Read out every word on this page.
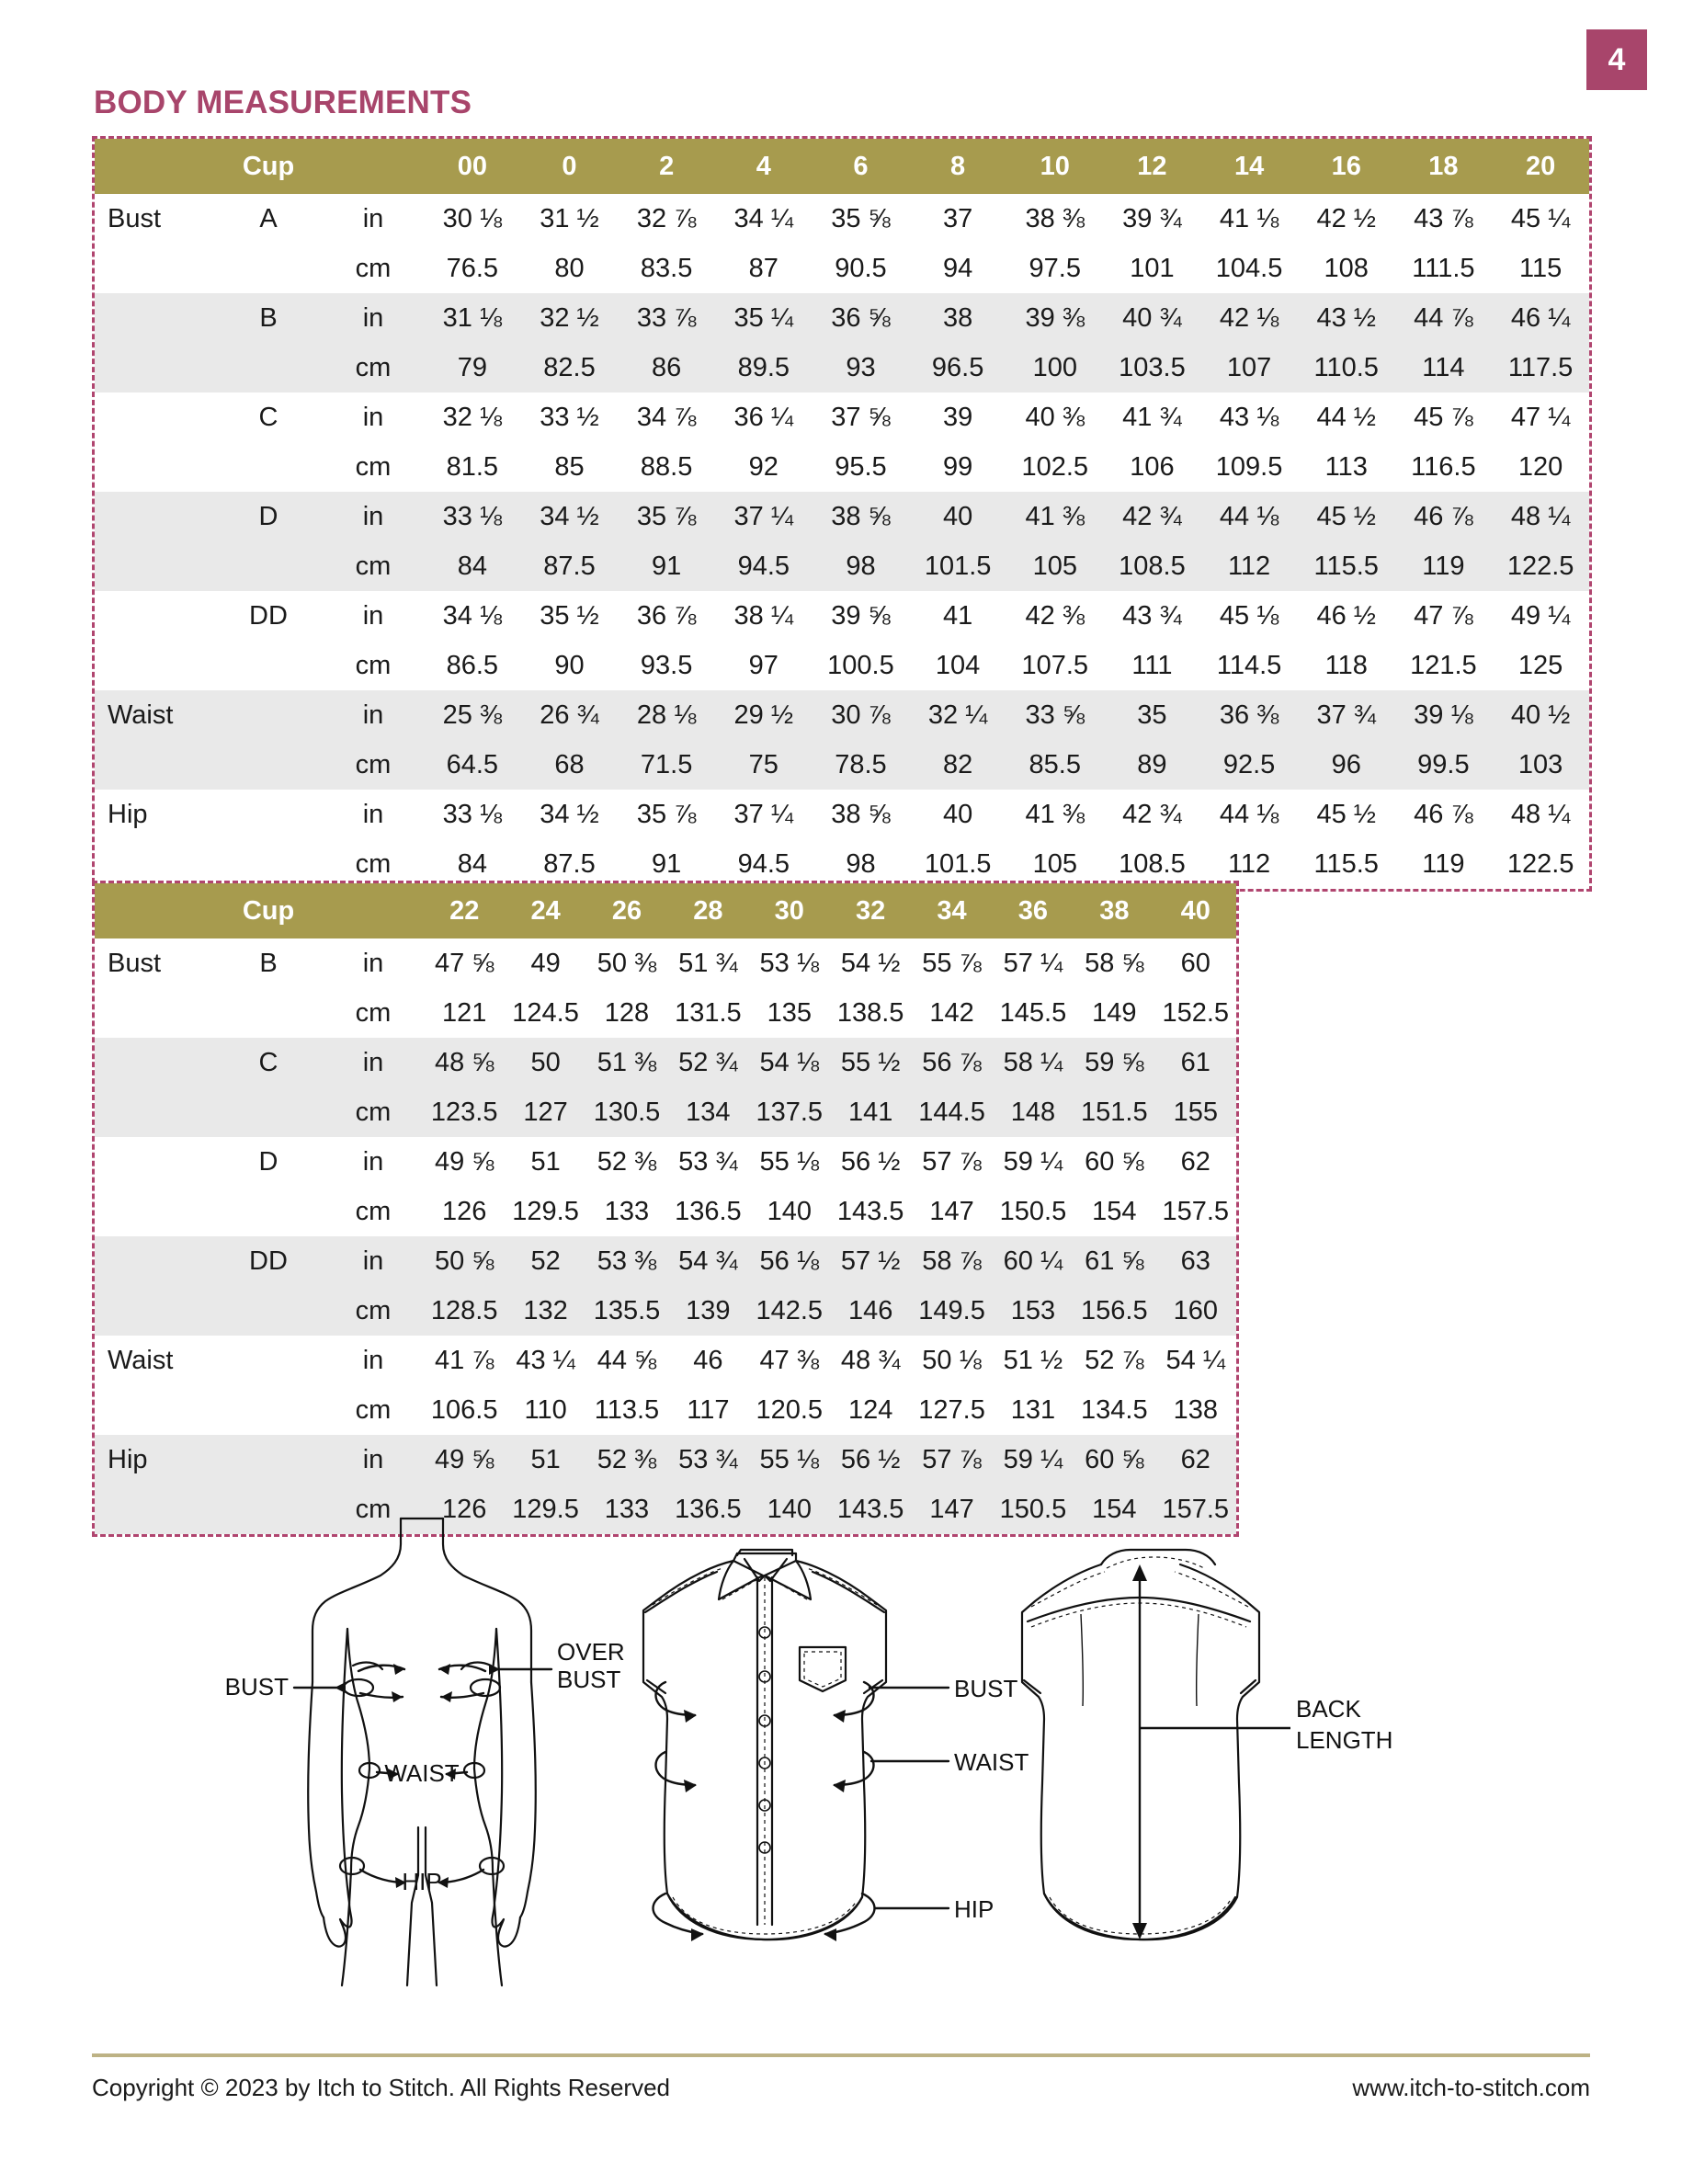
4
BODY MEASUREMENTS
	Cup		00	0	2	4	6	8	10	12	14	16	18	20
Bust	A	in	30 ⅛	31 ½	32 ⅞	34 ¼	35 ⅝	37	38 ⅜	39 ¾	41 ⅛	42 ½	43 ⅞	45 ¼
		cm	76.5	80	83.5	87	90.5	94	97.5	101	104.5	108	111.5	115
	B	in	31 ⅛	32 ½	33 ⅞	35 ¼	36 ⅝	38	39 ⅜	40 ¾	42 ⅛	43 ½	44 ⅞	46 ¼
		cm	79	82.5	86	89.5	93	96.5	100	103.5	107	110.5	114	117.5
	C	in	32 ⅛	33 ½	34 ⅞	36 ¼	37 ⅝	39	40 ⅜	41 ¾	43 ⅛	44 ½	45 ⅞	47 ¼
		cm	81.5	85	88.5	92	95.5	99	102.5	106	109.5	113	116.5	120
	D	in	33 ⅛	34 ½	35 ⅞	37 ¼	38 ⅝	40	41 ⅜	42 ¾	44 ⅛	45 ½	46 ⅞	48 ¼
		cm	84	87.5	91	94.5	98	101.5	105	108.5	112	115.5	119	122.5
	DD	in	34 ⅛	35 ½	36 ⅞	38 ¼	39 ⅝	41	42 ⅜	43 ¾	45 ⅛	46 ½	47 ⅞	49 ¼
		cm	86.5	90	93.5	97	100.5	104	107.5	111	114.5	118	121.5	125
Waist		in	25 ⅜	26 ¾	28 ⅛	29 ½	30 ⅞	32 ¼	33 ⅝	35	36 ⅜	37 ¾	39 ⅛	40 ½
		cm	64.5	68	71.5	75	78.5	82	85.5	89	92.5	96	99.5	103
Hip		in	33 ⅛	34 ½	35 ⅞	37 ¼	38 ⅝	40	41 ⅜	42 ¾	44 ⅛	45 ½	46 ⅞	48 ¼
		cm	84	87.5	91	94.5	98	101.5	105	108.5	112	115.5	119	122.5
	Cup		22	24	26	28	30	32	34	36	38	40
Bust	B	in	47 ⅝	49	50 ⅜	51 ¾	53 ⅛	54 ½	55 ⅞	57 ¼	58 ⅝	60
		cm	121	124.5	128	131.5	135	138.5	142	145.5	149	152.5
	C	in	48 ⅝	50	51 ⅜	52 ¾	54 ⅛	55 ½	56 ⅞	58 ¼	59 ⅝	61
		cm	123.5	127	130.5	134	137.5	141	144.5	148	151.5	155
	D	in	49 ⅝	51	52 ⅜	53 ¾	55 ⅛	56 ½	57 ⅞	59 ¼	60 ⅝	62
		cm	126	129.5	133	136.5	140	143.5	147	150.5	154	157.5
	DD	in	50 ⅝	52	53 ⅜	54 ¾	56 ⅛	57 ½	58 ⅞	60 ¼	61 ⅝	63
		cm	128.5	132	135.5	139	142.5	146	149.5	153	156.5	160
Waist		in	41 ⅞	43 ¼	44 ⅝	46	47 ⅜	48 ¾	50 ⅛	51 ½	52 ⅞	54 ¼
		cm	106.5	110	113.5	117	120.5	124	127.5	131	134.5	138
Hip		in	49 ⅝	51	52 ⅜	53 ¾	55 ⅛	56 ½	57 ⅞	59 ¼	60 ⅝	62
		cm	126	129.5	133	136.5	140	143.5	147	150.5	154	157.5
BUST
OVER
BUST
WAIST
HIP
BUST
WAIST
HIP
BACK
LENGTH
Copyright © 2023 by Itch to Stitch. All Rights Reserved	www.itch-to-stitch.com
